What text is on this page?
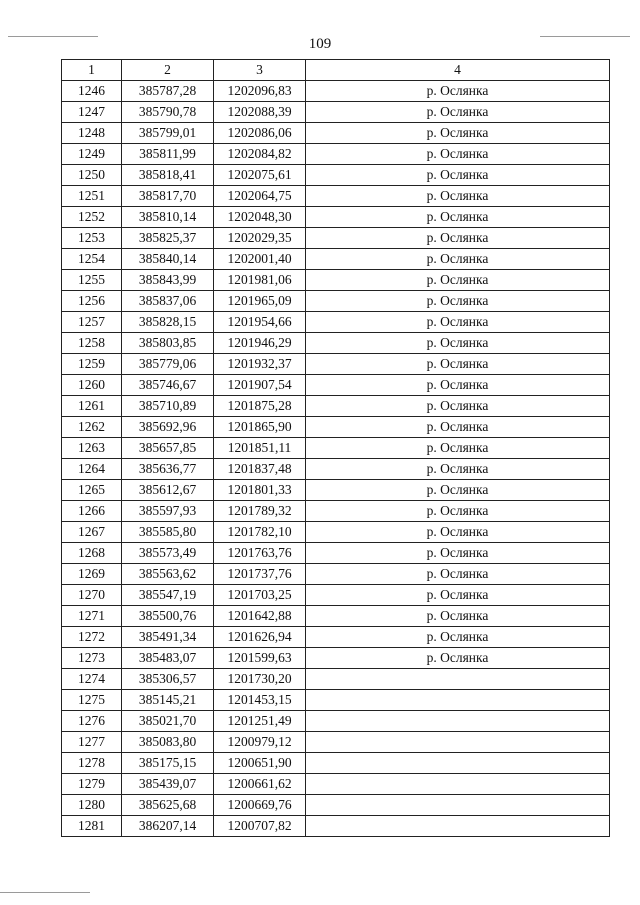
109
1	2	3	4
1246	385787,28	1202096,83	р. Ослянка
1247	385790,78	1202088,39	р. Ослянка
1248	385799,01	1202086,06	р. Ослянка
1249	385811,99	1202084,82	р. Ослянка
1250	385818,41	1202075,61	р. Ослянка
1251	385817,70	1202064,75	р. Ослянка
1252	385810,14	1202048,30	р. Ослянка
1253	385825,37	1202029,35	р. Ослянка
1254	385840,14	1202001,40	р. Ослянка
1255	385843,99	1201981,06	р. Ослянка
1256	385837,06	1201965,09	р. Ослянка
1257	385828,15	1201954,66	р. Ослянка
1258	385803,85	1201946,29	р. Ослянка
1259	385779,06	1201932,37	р. Ослянка
1260	385746,67	1201907,54	р. Ослянка
1261	385710,89	1201875,28	р. Ослянка
1262	385692,96	1201865,90	р. Ослянка
1263	385657,85	1201851,11	р. Ослянка
1264	385636,77	1201837,48	р. Ослянка
1265	385612,67	1201801,33	р. Ослянка
1266	385597,93	1201789,32	р. Ослянка
1267	385585,80	1201782,10	р. Ослянка
1268	385573,49	1201763,76	р. Ослянка
1269	385563,62	1201737,76	р. Ослянка
1270	385547,19	1201703,25	р. Ослянка
1271	385500,76	1201642,88	р. Ослянка
1272	385491,34	1201626,94	р. Ослянка
1273	385483,07	1201599,63	р. Ослянка
1274	385306,57	1201730,20	
1275	385145,21	1201453,15	
1276	385021,70	1201251,49	
1277	385083,80	1200979,12	
1278	385175,15	1200651,90	
1279	385439,07	1200661,62	
1280	385625,68	1200669,76	
1281	386207,14	1200707,82	
